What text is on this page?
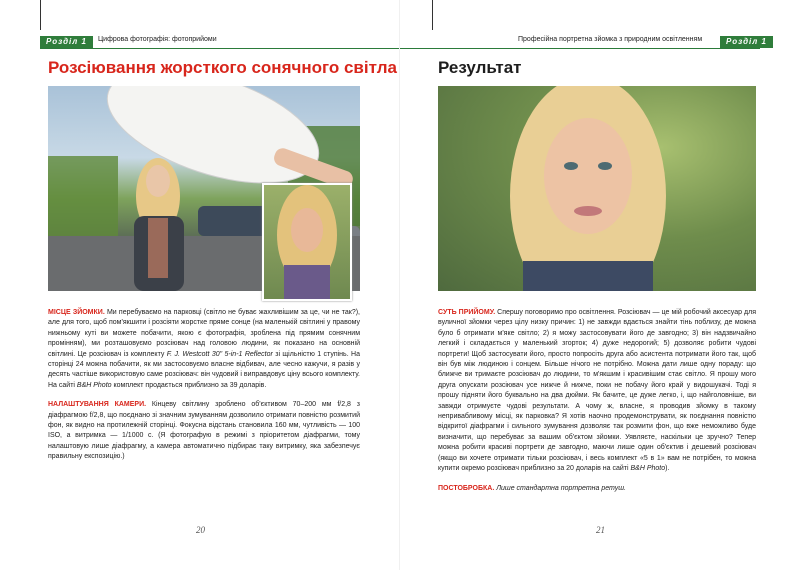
Розділ 1	Цифрова фотографія: фотоприйоми
Розсіювання жорсткого сонячного світла

МІСЦЕ ЗЙОМКИ. Ми перебуваємо на парковці (світло не буває жахливішим за це, чи не так?), але для того, щоб пом'якшити і розсіяти жорстке пряме сонце (на маленькій світлині у правому нижньому куті ви можете побачити, якою є фотографія, зроблена під прямим сонячним промінням), ми розташовуємо розсіювач над головою людини, як показано на основній світлині. Це розсіювач із комплекту F. J. Westcott 30" 5-in-1 Reflector зі щільністю 1 ступінь. На сторінці 24 можна побачити, як ми застосовуємо власне відбивач, але чесно кажучи, я разів у десять частіше використовую саме розсіювач: він чудовий і виправдовує ціну всього комплекту. На сайті B&H Photo комплект продається приблизно за 39 доларів.

НАЛАШТУВАННЯ КАМЕРИ. Кінцеву світлину зроблено об'єктивом 70–200 мм f/2,8 з діафрагмою f/2,8, що поєднано зі значним зумуванням дозволило отримати повністю розмитий фон, як видно на протилежній сторінці. Фокусна відстань становила 160 мм, чутливість — 100 ISO, а витримка — 1/1000 с. (Я фотографую в режимі з пріоритетом діафрагми, тому налаштовую лише діафрагму, а камера автоматично підбирає таку витримку, яка забезпечує правильну експозицію.)

20
Професійна портретна зйомка з природним освітленням	Розділ 1
Результат

СУТЬ ПРИЙОМУ. Спершу поговоримо про освітлення. Розсіювач — це мій робочий аксесуар для вуличної зйомки через цілу низку причин: 1) не завжди вдається знайти тінь поблизу, де можна було б отримати м'яке світло; 2) я можу застосовувати його де завгодно; 3) він надзвичайно легкий і складається у маленький згорток; 4) дуже недорогий; 5) дозволяє робити чудові портрети! Щоб застосувати його, просто попросіть друга або асистента потримати його так, щоб він був між людиною і сонцем. Більше нічого не потрібно. Можна дати лише одну пораду: що ближче ви тримаєте розсіювач до людини, то м'якшим і красивішим стає світло. Я прошу мого друга опускати розсіювач усе нижче й нижче, поки не побачу його край у видошукачі. Тоді я прошу підняти його буквально на два дюйми. Як бачите, це дуже легко, і, що найголовніше, ви завжди отримуєте чудові результати. А чому ж, власне, я проводив зйомку в такому непривабливому місці, як парковка? Я хотів наочно продемонструвати, як поєднання повністю відкритої діафрагми і сильного зумування дозволяє так розмити фон, що вже неможливо буде визначити, що перебуває за вашим об'єктом зйомки. Уявляєте, наскільки це зручно? Тепер можна робити красиві портрети де завгодно, маючи лише один об'єктив і дешевий розсіювач (якщо ви хочете отримати тільки розсіювач, і весь комплект «5 в 1» вам не потрібен, то можна купити окремо розсіювач приблизно за 20 доларів на сайті B&H Photo).

ПОСТОБРОБКА. Лише стандартна портретна ретуш.

21
